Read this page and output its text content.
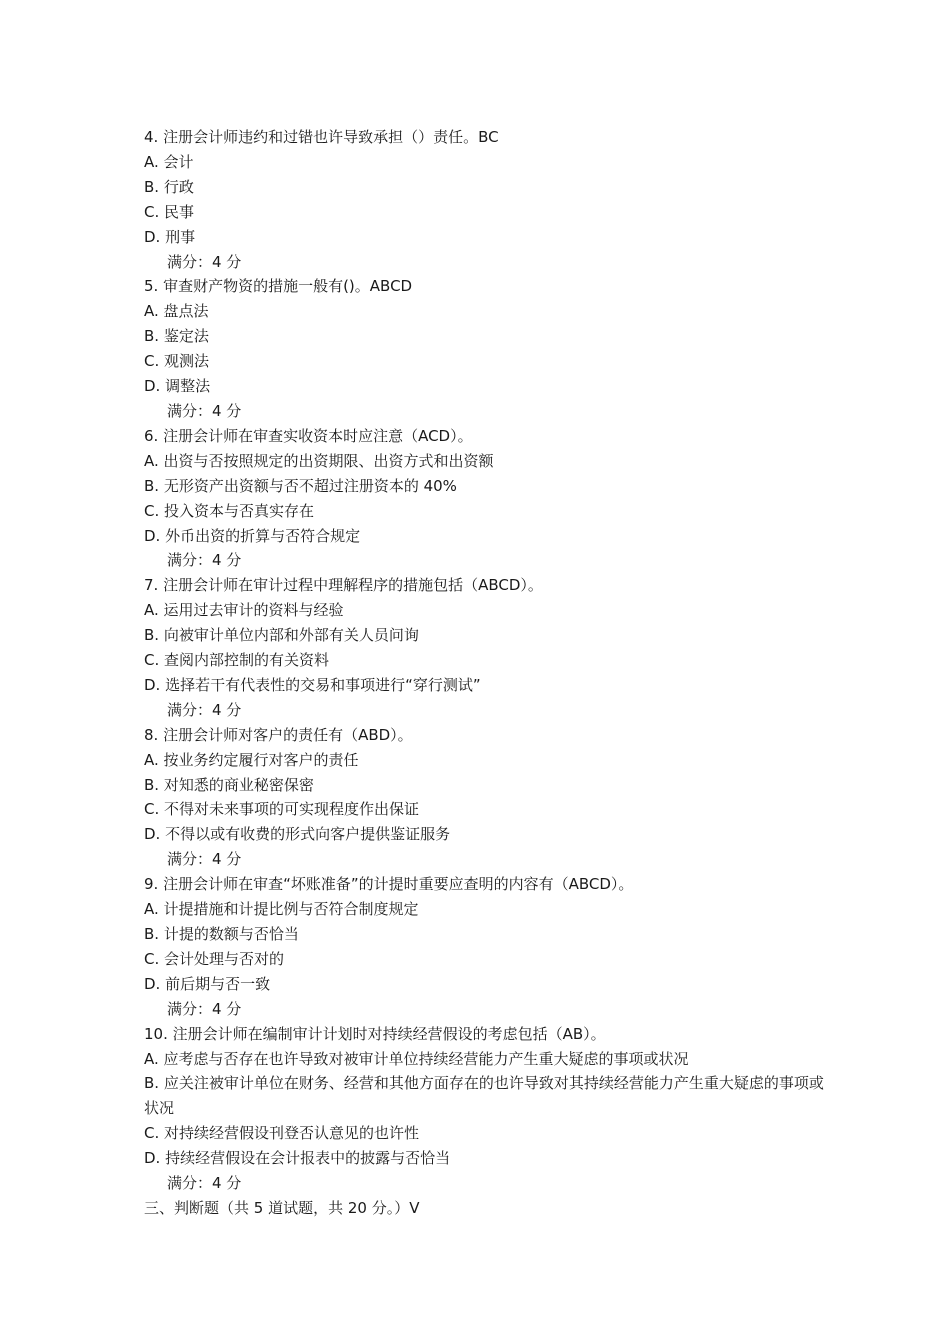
4. 注册会计师违约和过错也许导致承担（）责任。BC
A. 会计
B. 行政
C. 民事
D. 刑事
满分：4 分
5. 审查财产物资的措施一般有()。ABCD
A. 盘点法
B. 鉴定法
C. 观测法
D. 调整法
满分：4 分
6. 注册会计师在审查实收资本时应注意（ACD）。
A. 出资与否按照规定的出资期限、出资方式和出资额
B. 无形资产出资额与否不超过注册资本的 40%
C. 投入资本与否真实存在
D. 外币出资的折算与否符合规定
满分：4 分
7. 注册会计师在审计过程中理解程序的措施包括（ABCD）。
A. 运用过去审计的资料与经验
B. 向被审计单位内部和外部有关人员问询
C. 查阅内部控制的有关资料
D. 选择若干有代表性的交易和事项进行“穿行测试”
满分：4 分
8. 注册会计师对客户的责任有（ABD）。
A. 按业务约定履行对客户的责任
B. 对知悉的商业秘密保密
C. 不得对未来事项的可实现程度作出保证
D. 不得以或有收费的形式向客户提供鉴证服务
满分：4 分
9. 注册会计师在审查“坏账准备”的计提时重要应查明的内容有（ABCD）。
A. 计提措施和计提比例与否符合制度规定
B. 计提的数额与否恰当
C. 会计处理与否对的
D. 前后期与否一致
满分：4 分
10. 注册会计师在编制审计计划时对持续经营假设的考虑包括（AB）。
A. 应考虑与否存在也许导致对被审计单位持续经营能力产生重大疑虑的事项或状况
B. 应关注被审计单位在财务、经营和其他方面存在的也许导致对其持续经营能力产生重大疑虑的事项或状况
C. 对持续经营假设刊登否认意见的也许性
D. 持续经营假设在会计报表中的披露与否恰当
满分：4 分
三、判断题（共 5 道试题，共 20 分。）V
